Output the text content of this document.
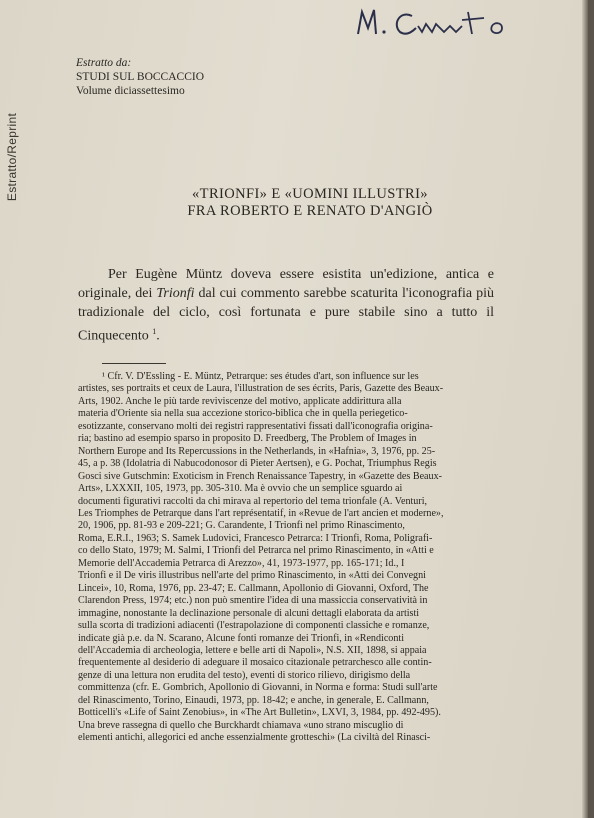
Estratto/Reprint
Estratto da:
STUDI SUL BOCCACCIO
Volume diciassettesimo
«TRIONFI» E «UOMINI ILLUSTRI»
FRA ROBERTO E RENATO D'ANGIÒ
Per Eugène Müntz doveva essere esistita un'edizione, antica e originale, dei Trionfi dal cui commento sarebbe scaturita l'iconografia più tradizionale del ciclo, così fortunata e pure stabile sino a tutto il Cinquecento $^1$.
¹ Cfr. V. D'Essling - E. Müntz, Petrarque: ses études d'art, son influence sur les
artistes, ses portraits et ceux de Laura, l'illustration de ses écrits, Paris, Gazette des Beaux-
Arts, 1902. Anche le più tarde reviviscenze del motivo, applicate addirittura alla
materia d'Oriente sia nella sua accezione storico-biblica che in quella periegetico-
esotizzante, conservano molti dei registri rappresentativi fissati dall'iconografia origina-
ria; bastino ad esempio sparso in proposito D. Freedberg, The Problem of Images in
Northern Europe and Its Repercussions in the Netherlands, in «Hafnia», 3, 1976, pp. 25-
45, a p. 38 (Idolatria di Nabucodonosor di Pieter Aertsen), e G. Pochat, Triumphus Regis
Gosci sive Gutschmin: Exoticism in French Renaissance Tapestry, in «Gazette des Beaux-
Arts», LXXXII, 105, 1973, pp. 305-310. Ma è ovvio che un semplice sguardo ai
documenti figurativi raccolti da chi mirava al repertorio del tema trionfale (A. Venturi,
Les Triomphes de Petrarque dans l'art représentatif, in «Revue de l'art ancien et moderne»,
20, 1906, pp. 81-93 e 209-221; G. Carandente, I Trionfi nel primo Rinascimento,
Roma, E.R.I., 1963; S. Samek Ludovici, Francesco Petrarca: I Trionfi, Roma, Poligrafi-
co dello Stato, 1979; M. Salmi, I Trionfi del Petrarca nel primo Rinascimento, in «Atti e
Memorie dell'Accademia Petrarca di Arezzo», 41, 1973-1977, pp. 165-171; Id., I
Trionfi e il De viris illustribus nell'arte del primo Rinascimento, in «Atti dei Convegni
Lincei», 10, Roma, 1976, pp. 23-47; E. Callmann, Apollonio di Giovanni, Oxford, The
Clarendon Press, 1974; etc.) non può smentire l'idea di una massiccia conservatività in
immagine, nonostante la declinazione personale di alcuni dettagli elaborata da artisti
sulla scorta di tradizioni adiacenti (l'estrapolazione di componenti classiche e romanze,
indicate già p.e. da N. Scarano, Alcune fonti romanze dei Trionfi, in «Rendiconti
dell'Accademia di archeologia, lettere e belle arti di Napoli», N.S. XII, 1898, si appaia
frequentemente al desiderio di adeguare il mosaico citazionale petrarchesco alle contin-
genze di una lettura non erudita del testo), eventi di storico rilievo, dirigismo della
committenza (cfr. E. Gombrich, Apollonio di Giovanni, in Norma e forma: Studi sull'arte
del Rinascimento, Torino, Einaudi, 1973, pp. 18-42; e anche, in generale, E. Callmann,
Botticelli's «Life of Saint Zenobius», in «The Art Bulletin», LXVI, 3, 1984, pp. 492-495).
Una breve rassegna di quello che Burckhardt chiamava «uno strano miscuglio di
elementi antichi, allegorici ed anche essenzialmente grotteschi» (La civiltà del Rinasci-
